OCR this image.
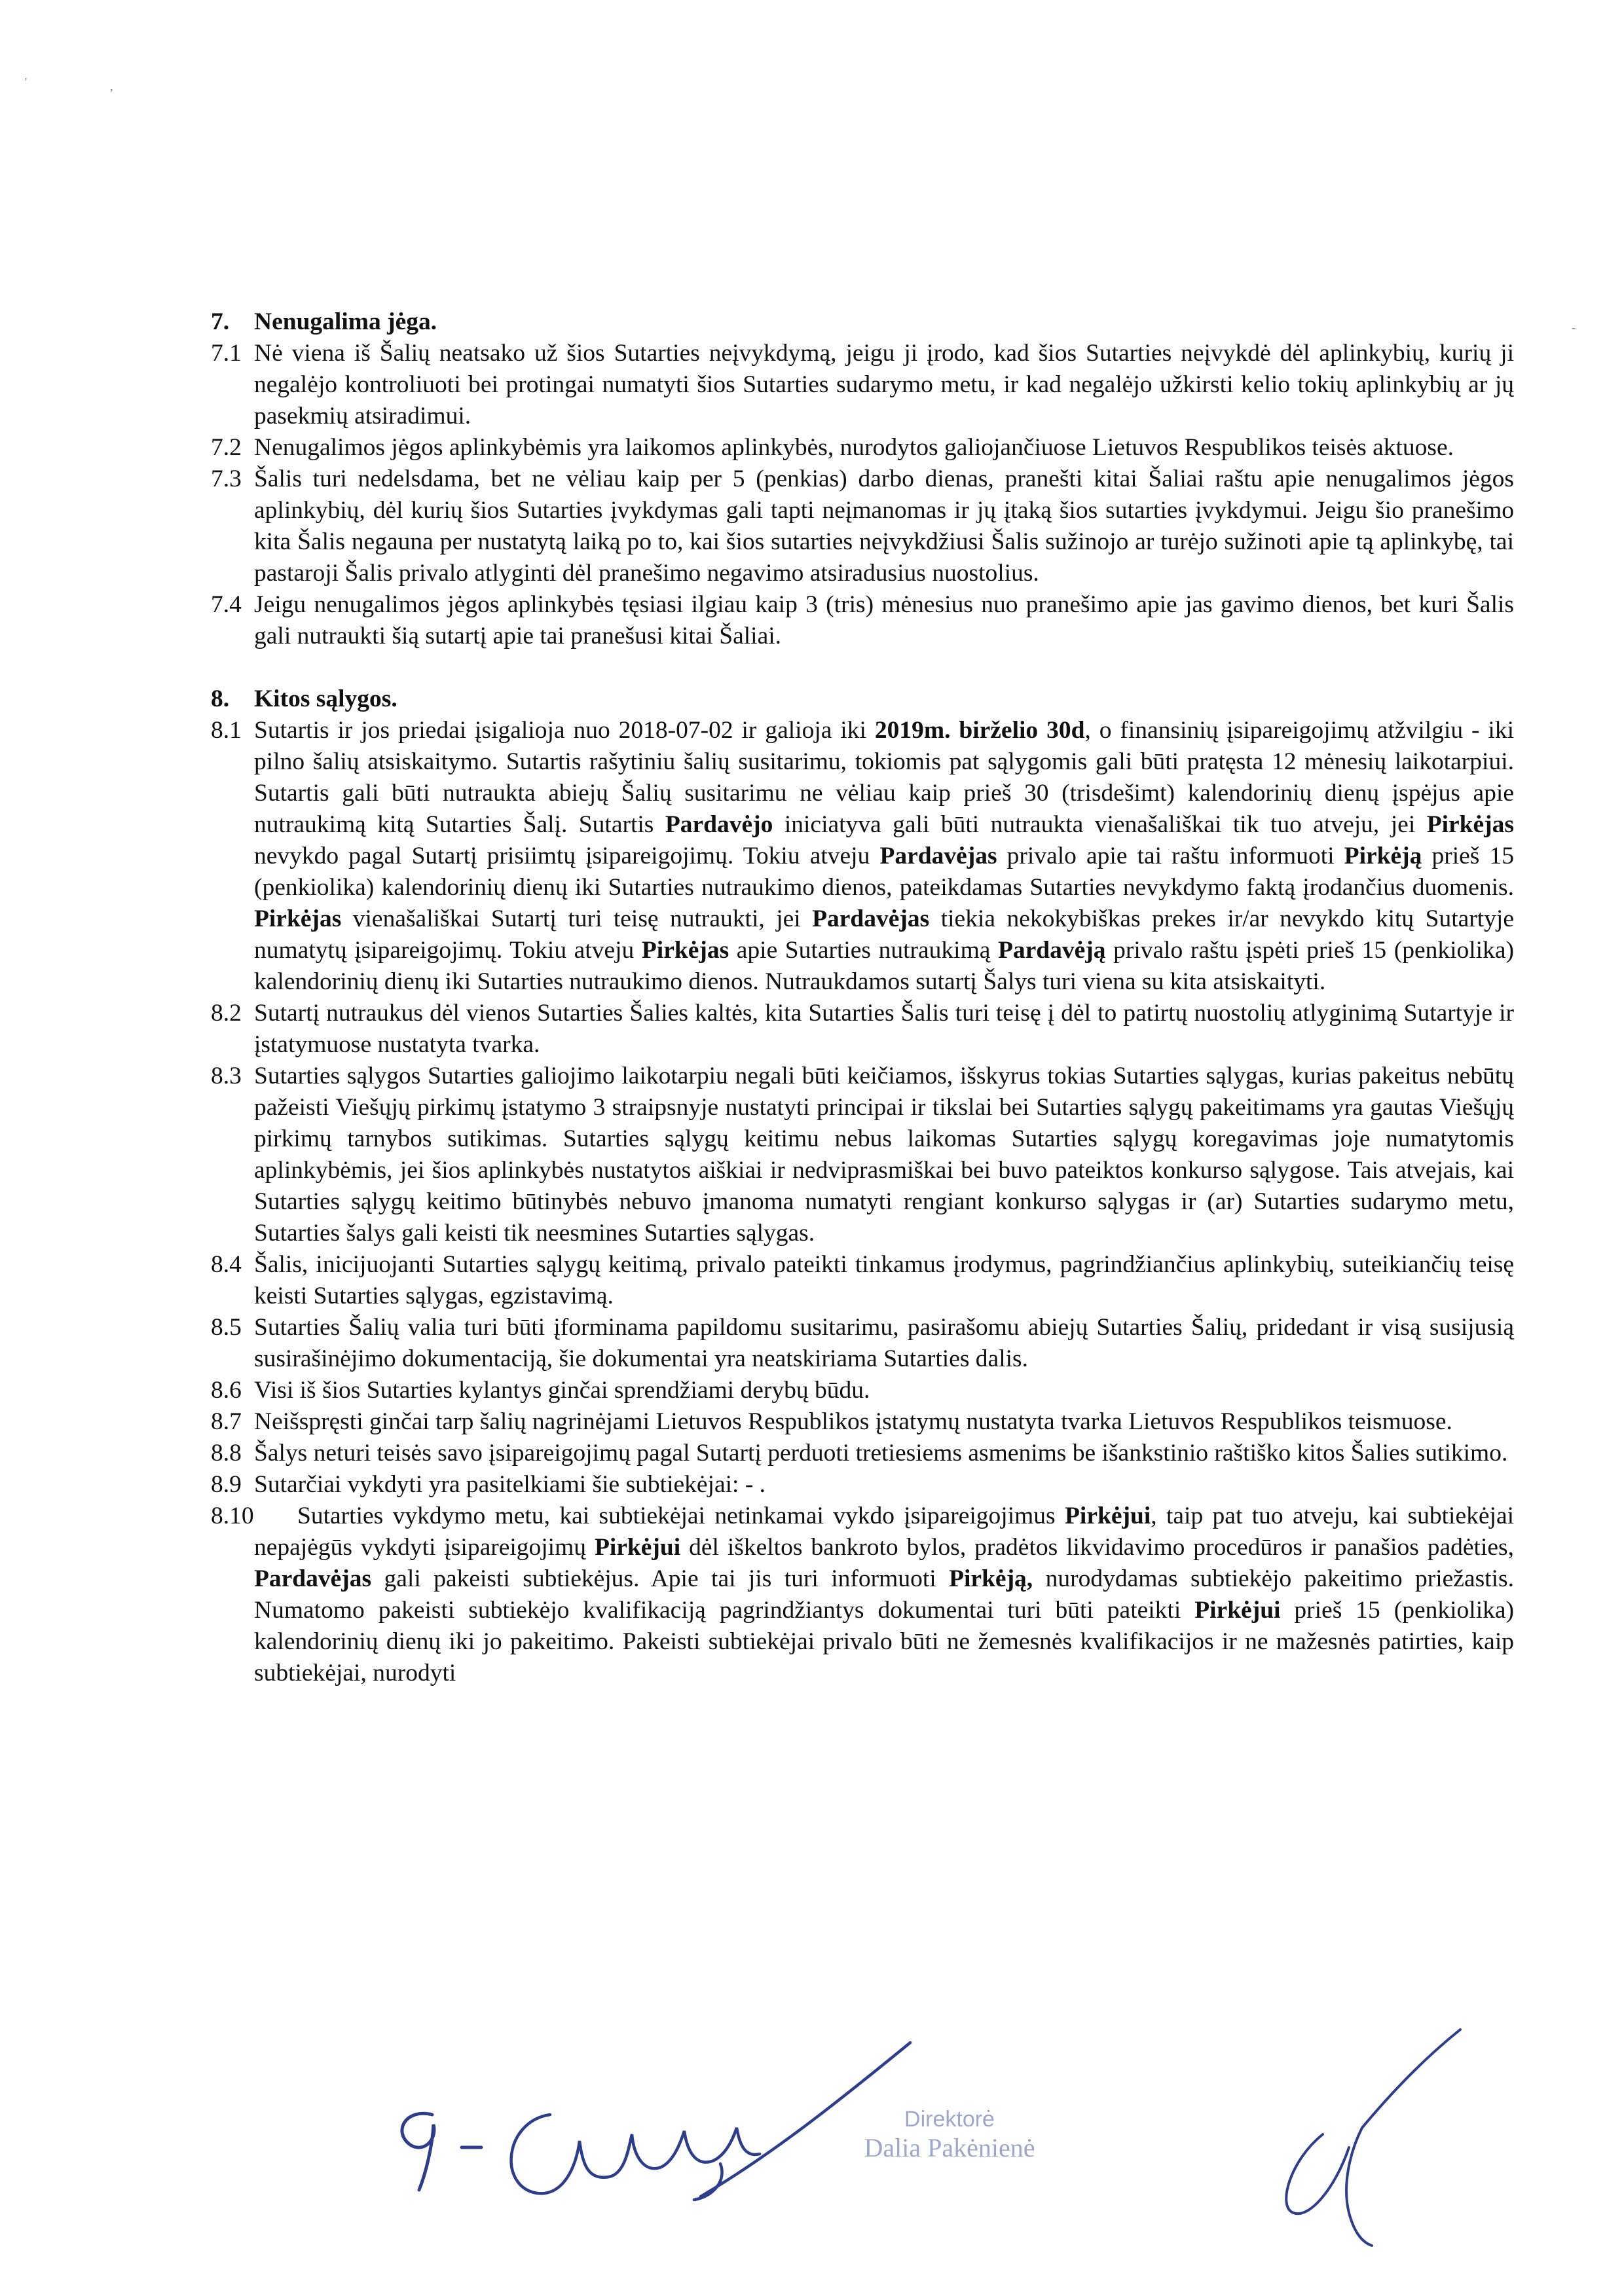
7. Nenugalima jėga.

7.1 Nė viena iš Šalių neatsako už šios Sutarties neįvykdymą, jeigu ji įrodo, kad šios Sutarties neįvykdė dėl aplinkybių, kurių ji negalėjo kontroliuoti bei protingai numatyti šios Sutarties sudarymo metu, ir kad negalėjo užkirsti kelio tokių aplinkybių ar jų pasekmių atsiradimui.

7.2 Nenugalimos jėgos aplinkybėmis yra laikomos aplinkybės, nurodytos galiojančiuose Lietuvos Respublikos teisės aktuose.

7.3 Šalis turi nedelsdama, bet ne vėliau kaip per 5 (penkias) darbo dienas, pranešti kitai Šaliai raštu apie nenugalimos jėgos aplinkybių, dėl kurių šios Sutarties įvykdymas gali tapti neįmanomas ir jų įtaką šios sutarties įvykdymui. Jeigu šio pranešimo kita Šalis negauna per nustatytą laiką po to, kai šios sutarties neįvykdžiusi Šalis sužinojo ar turėjo sužinoti apie tą aplinkybę, tai pastaroji Šalis privalo atlyginti dėl pranešimo negavimo atsiradusius nuostolius.

7.4 Jeigu nenugalimos jėgos aplinkybės tęsiasi ilgiau kaip 3 (tris) mėnesius nuo pranešimo apie jas gavimo dienos, bet kuri Šalis gali nutraukti šią sutartį apie tai pranešusi kitai Šaliai.

8. Kitos sąlygos.

8.1 Sutartis ir jos priedai įsigalioja nuo 2018-07-02 ir galioja iki 2019m. birželio 30d, o finansinių įsipareigojimų atžvilgiu - iki pilno šalių atsiskaitymo. Sutartis rašytiniu šalių susitarimu, tokiomis pat sąlygomis gali būti pratęsta 12 mėnesių laikotarpiui. Sutartis gali būti nutraukta abiejų Šalių susitarimu ne vėliau kaip prieš 30 (trisdešimt) kalendorinių dienų įspėjus apie nutraukimą kitą Sutarties Šalį. Sutartis Pardavėjo iniciatyva gali būti nutraukta vienašališkai tik tuo atveju, jei Pirkėjas nevykdo pagal Sutartį prisiimtų įsipareigojimų. Tokiu atveju Pardavėjas privalo apie tai raštu informuoti Pirkėją prieš 15 (penkiolika) kalendorinių dienų iki Sutarties nutraukimo dienos, pateikdamas Sutarties nevykdymo faktą įrodančius duomenis. Pirkėjas vienašališkai Sutartį turi teisę nutraukti, jei Pardavėjas tiekia nekokybiškas prekes ir/ar nevykdo kitų Sutartyje numatytų įsipareigojimų. Tokiu atveju Pirkėjas apie Sutarties nutraukimą Pardavėją privalo raštu įspėti prieš 15 (penkiolika) kalendorinių dienų iki Sutarties nutraukimo dienos. Nutraukdamos sutartį Šalys turi viena su kita atsiskaityti.

8.2 Sutartį nutraukus dėl vienos Sutarties Šalies kaltės, kita Sutarties Šalis turi teisę į dėl to patirtų nuostolių atlyginimą Sutartyje ir įstatymuose nustatyta tvarka.

8.3 Sutarties sąlygos Sutarties galiojimo laikotarpiu negali būti keičiamos, išskyrus tokias Sutarties sąlygas, kurias pakeitus nebūtų pažeisti Viešųjų pirkimų įstatymo 3 straipsnyje nustatyti principai ir tikslai bei Sutarties sąlygų pakeitimams yra gautas Viešųjų pirkimų tarnybos sutikimas. Sutarties sąlygų keitimu nebus laikomas Sutarties sąlygų koregavimas joje numatytomis aplinkybėmis, jei šios aplinkybės nustatytos aiškiai ir nedviprasmiškai bei buvo pateiktos konkurso sąlygose. Tais atvejais, kai Sutarties sąlygų keitimo būtinybės nebuvo įmanoma numatyti rengiant konkurso sąlygas ir (ar) Sutarties sudarymo metu, Sutarties šalys gali keisti tik neesmines Sutarties sąlygas.

8.4 Šalis, inicijuojanti Sutarties sąlygų keitimą, privalo pateikti tinkamus įrodymus, pagrindžiančius aplinkybių, suteikiančių teisę keisti Sutarties sąlygas, egzistavimą.

8.5 Sutarties Šalių valia turi būti įforminama papildomu susitarimu, pasirašomu abiejų Sutarties Šalių, pridedant ir visą susijusią susirašinėjimo dokumentaciją, šie dokumentai yra neatskiriama Sutarties dalis.

8.6 Visi iš šios Sutarties kylantys ginčai sprendžiami derybų būdu.

8.7 Neišspręsti ginčai tarp šalių nagrinėjami Lietuvos Respublikos įstatymų nustatyta tvarka Lietuvos Respublikos teismuose.

8.8 Šalys neturi teisės savo įsipareigojimų pagal Sutartį perduoti tretiesiems asmenims be išankstinio raštiško kitos Šalies sutikimo.

8.9 Sutarčiai vykdyti yra pasitelkiami šie subtiekėjai: - .

8.10 Sutarties vykdymo metu, kai subtiekėjai netinkamai vykdo įsipareigojimus Pirkėjui, taip pat tuo atveju, kai subtiekėjai nepajėgūs vykdyti įsipareigojimų Pirkėjui dėl iškeltos bankroto bylos, pradėtos likvidavimo procedūros ir panašios padėties, Pardavėjas gali pakeisti subtiekėjus. Apie tai jis turi informuoti Pirkėją, nurodydamas subtiekėjo pakeitimo priežastis. Numatomo pakeisti subtiekėjo kvalifikaciją pagrindžiantys dokumentai turi būti pateikti Pirkėjui prieš 15 (penkiolika) kalendorinių dienų iki jo pakeitimo. Pakeisti subtiekėjai privalo būti ne žemesnės kvalifikacijos ir ne mažesnės patirties, kaip subtiekėjai, nurodyti

Direktorė
Dalia Pakėnienė
'	,
-
